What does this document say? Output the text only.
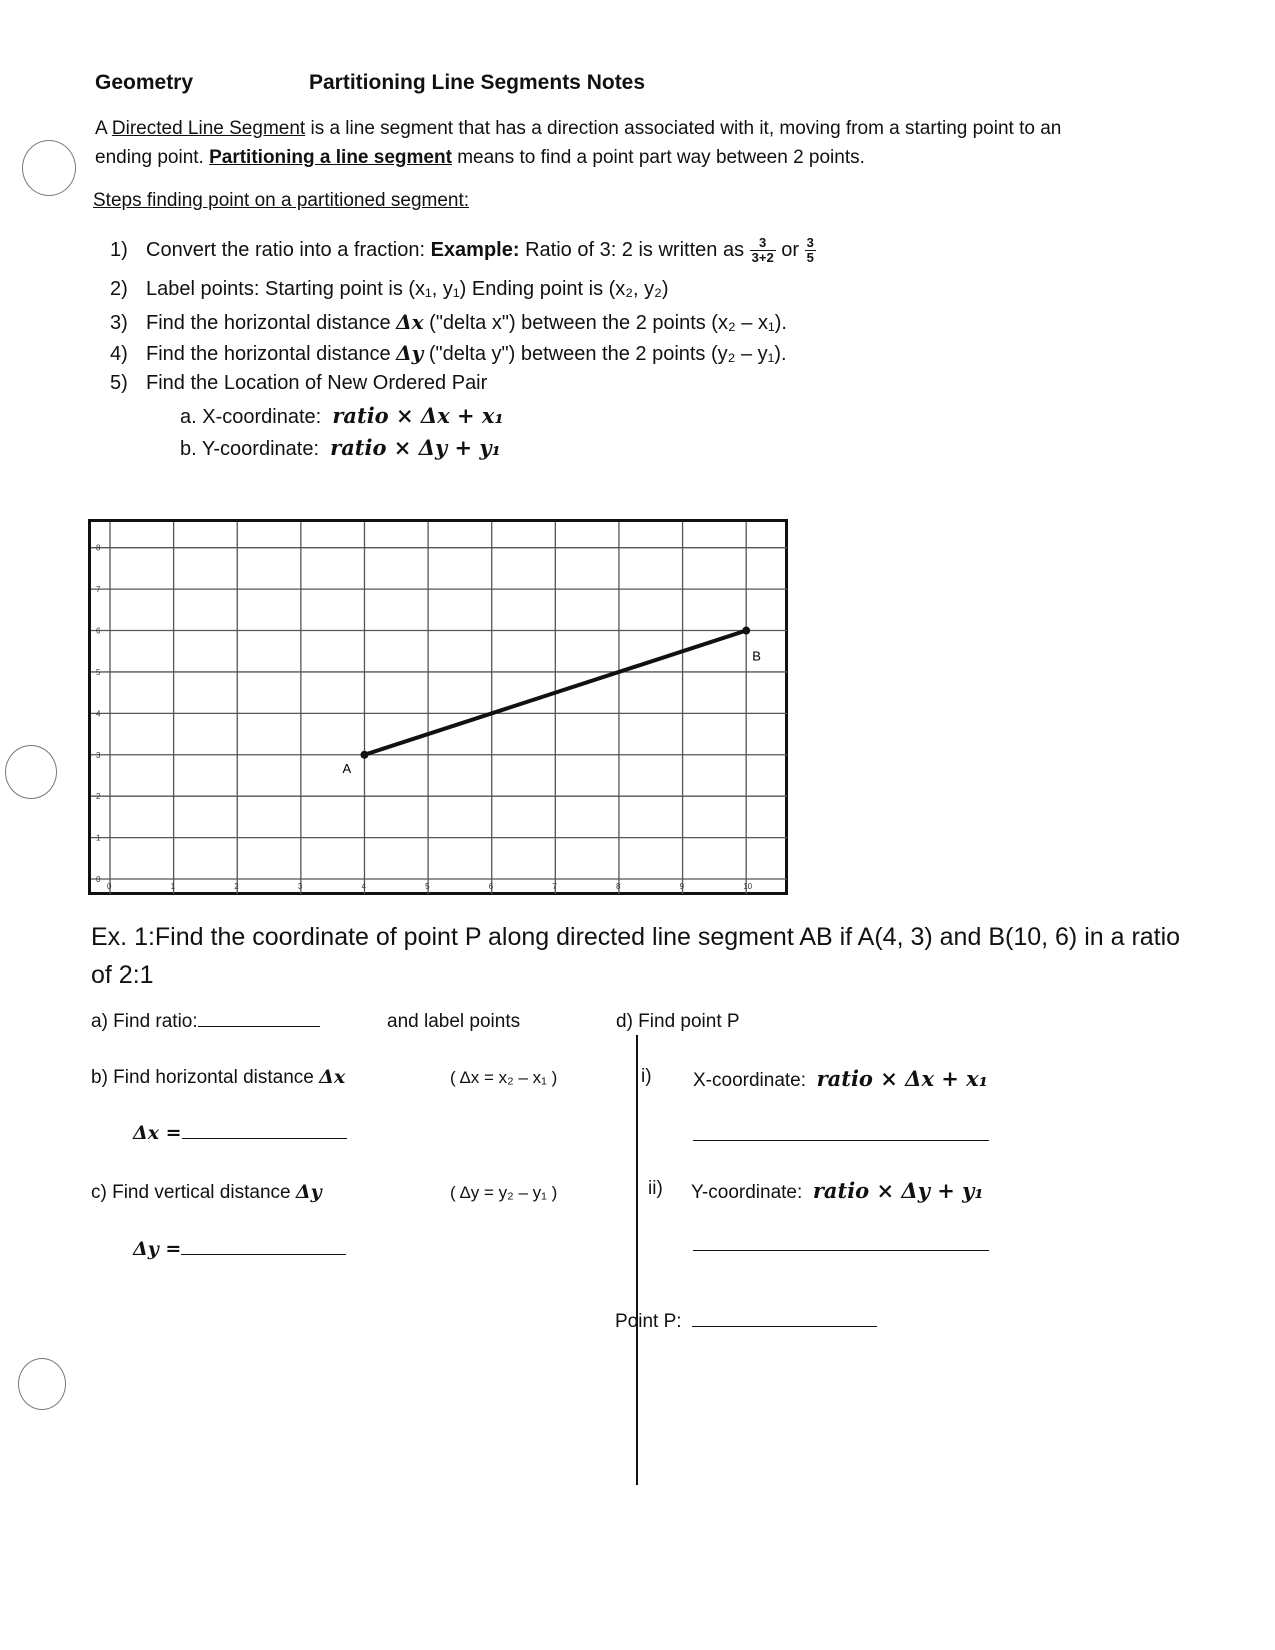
Geometry	Partitioning Line Segments Notes
A Directed Line Segment is a line segment that has a direction associated with it, moving from a starting point to an
ending point. Partitioning a line segment means to find a point part way between 2 points.
Steps finding point on a partitioned segment:
1) Convert the ratio into a fraction: Example: Ratio of 3: 2 is written as $\frac{3}{3+2}$ or $\frac{3}{5}$
2) Label points: Starting point is (x₁, y₁) Ending point is (x₂, y₂)
3) Find the horizontal distance Δx ("delta x") between the 2 points (x₂ – x₁).
4) Find the horizontal distance Δy ("delta y") between the 2 points (y₂ – y₁).
5) Find the Location of New Ordered Pair
a. X-coordinate: ratio × Δx + x₁
b. Y-coordinate: ratio × Δy + y₁
0	1	2	3	4	5	6	7	8	9	10
0
1
2
3
4
5
6
7
8
A
B
Ex. 1:Find the coordinate of point P along directed line segment AB if A(4, 3) and B(10, 6) in a ratio of 2:1
a) Find ratio:	and label points	d) Find point P
b) Find horizontal distance Δx	( Δx = x₂ – x₁ )	i) X-coordinate: ratio × Δx + x₁
Δx =
c) Find vertical distance Δy	( Δy = y₂ – y₁ )	ii) Y-coordinate: ratio × Δy + y₁
Δy =
Point P:
